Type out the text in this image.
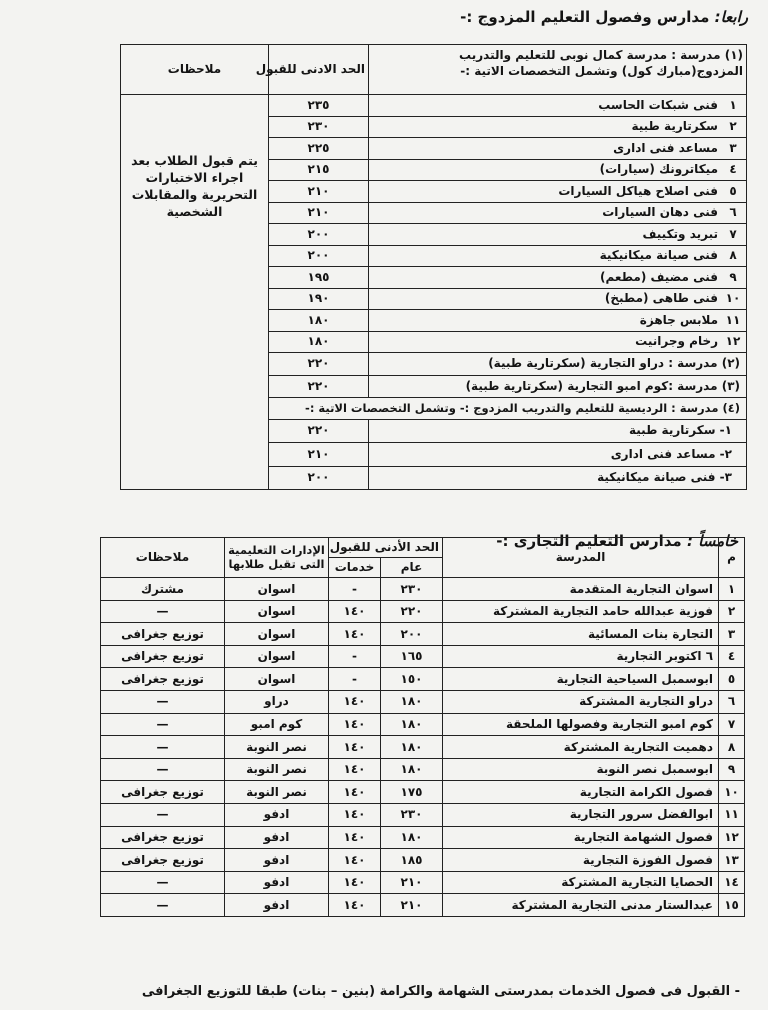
رابعا: مدارس وفصول التعليم المزدوج :-
(١) مدرسة : مدرسة كمال نوبى للتعليم والتدريب المزدوج(مبارك كول) وتشمل التخصصات الاتية :-	الحد الادنى للقبول	ملاحظات
١فنى شبكات الحاسب	٢٣٥	يتم قبول الطلاب بعد اجراء الاختبارات التحريرية والمقابلات الشخصية
٢سكرتارية طبية	٢٣٠	
٣مساعد فنى ادارى	٢٢٥	
٤ميكاترونك (سيارات)	٢١٥	
٥فنى اصلاح هياكل السيارات	٢١٠	
٦فنى دهان السيارات	٢١٠	
٧تبريد وتكييف	٢٠٠	
٨فنى صيانة ميكانيكية	٢٠٠	
٩فنى مضيف (مطعم)	١٩٥	
١٠فنى طاهى (مطبخ)	١٩٠	
١١ملابس جاهزة	١٨٠	
١٢رخام وجرانيت	١٨٠	
(٢) مدرسة : دراو التجارية (سكرتارية طبية)	٢٢٠	
(٣) مدرسة :كوم امبو التجارية (سكرتارية طبية)	٢٢٠	
(٤) مدرسة : الرديسية للتعليم والتدريب المزدوج :- وتشمل التخصصات الاتية :-		
١- سكرتارية طبية	٢٢٠	
٢- مساعد فنى ادارى	٢١٠	
٣- فنى صيانة ميكانيكية	٢٠٠	
خامساً : مدارس التعليم التجارى :-
م	المدرسة	الحد الأدنى للقبول		الإدارات التعليمية التى تقبل طلابها	ملاحظات
		عام	خدمات		
١	اسوان التجارية المتقدمة	٢٣٠	-	اسوان	مشترك
٢	فوزية عبدالله حامد التجارية المشتركة	٢٢٠	١٤٠	اسوان	—
٣	التجارة بنات المسائية	٢٠٠	١٤٠	اسوان	توزيع جغرافى
٤	٦ اكتوبر التجارية	١٦٥	-	اسوان	توزيع جغرافى
٥	ابوسمبل السياحية التجارية	١٥٠	-	اسوان	توزيع جغرافى
٦	دراو التجارية المشتركة	١٨٠	١٤٠	دراو	—
٧	كوم امبو التجارية وفصولها الملحقة	١٨٠	١٤٠	كوم امبو	—
٨	دهميت التجارية المشتركة	١٨٠	١٤٠	نصر النوبة	—
٩	ابوسمبل نصر النوبة	١٨٠	١٤٠	نصر النوبة	—
١٠	فصول الكرامة التجارية	١٧٥	١٤٠	نصر النوبة	توزيع جغرافى
١١	ابوالفضل سرور التجارية	٢٣٠	١٤٠	ادفو	—
١٢	فصول الشهامة التجارية	١٨٠	١٤٠	ادفو	توزيع جغرافى
١٣	فصول الفوزة التجارية	١٨٥	١٤٠	ادفو	توزيع جغرافى
١٤	الحصايا التجارية المشتركة	٢١٠	١٤٠	ادفو	—
١٥	عبدالستار مدنى التجارية المشتركة	٢١٠	١٤٠	ادفو	—
- القبول فى فصول الخدمات بمدرستى الشهامة والكرامة (بنين – بنات) طبقا للتوزيع الجغرافى
